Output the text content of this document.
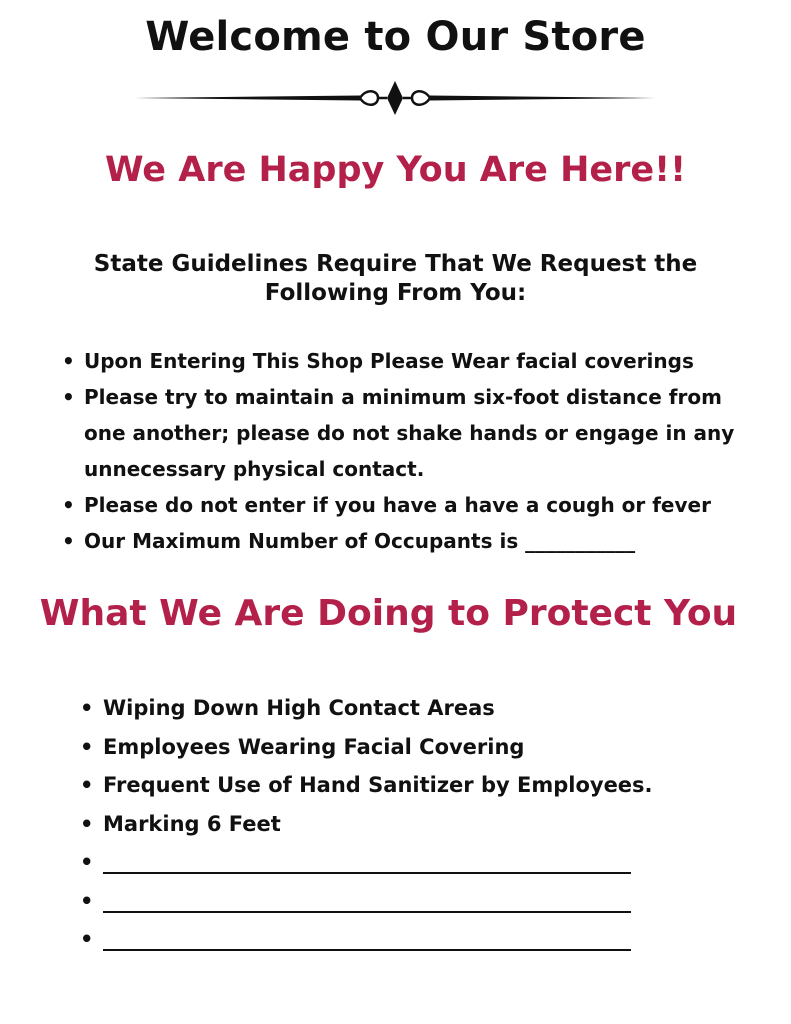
Welcome to Our Store
We Are Happy You Are Here!!
State Guidelines Require That We Request the Following From You:
• Upon Entering This Shop Please Wear facial coverings
• Please try to maintain a minimum six-foot distance from one another; please do not shake hands or engage in any unnecessary physical contact.
• Please do not enter if you have a have a cough or fever
• Our Maximum Number of Occupants is ___________
What We Are Doing to Protect You
• Wiping Down High Contact Areas
• Employees Wearing Facial Covering
• Frequent Use of Hand Sanitizer by Employees.
• Marking 6 Feet
•
•
•
